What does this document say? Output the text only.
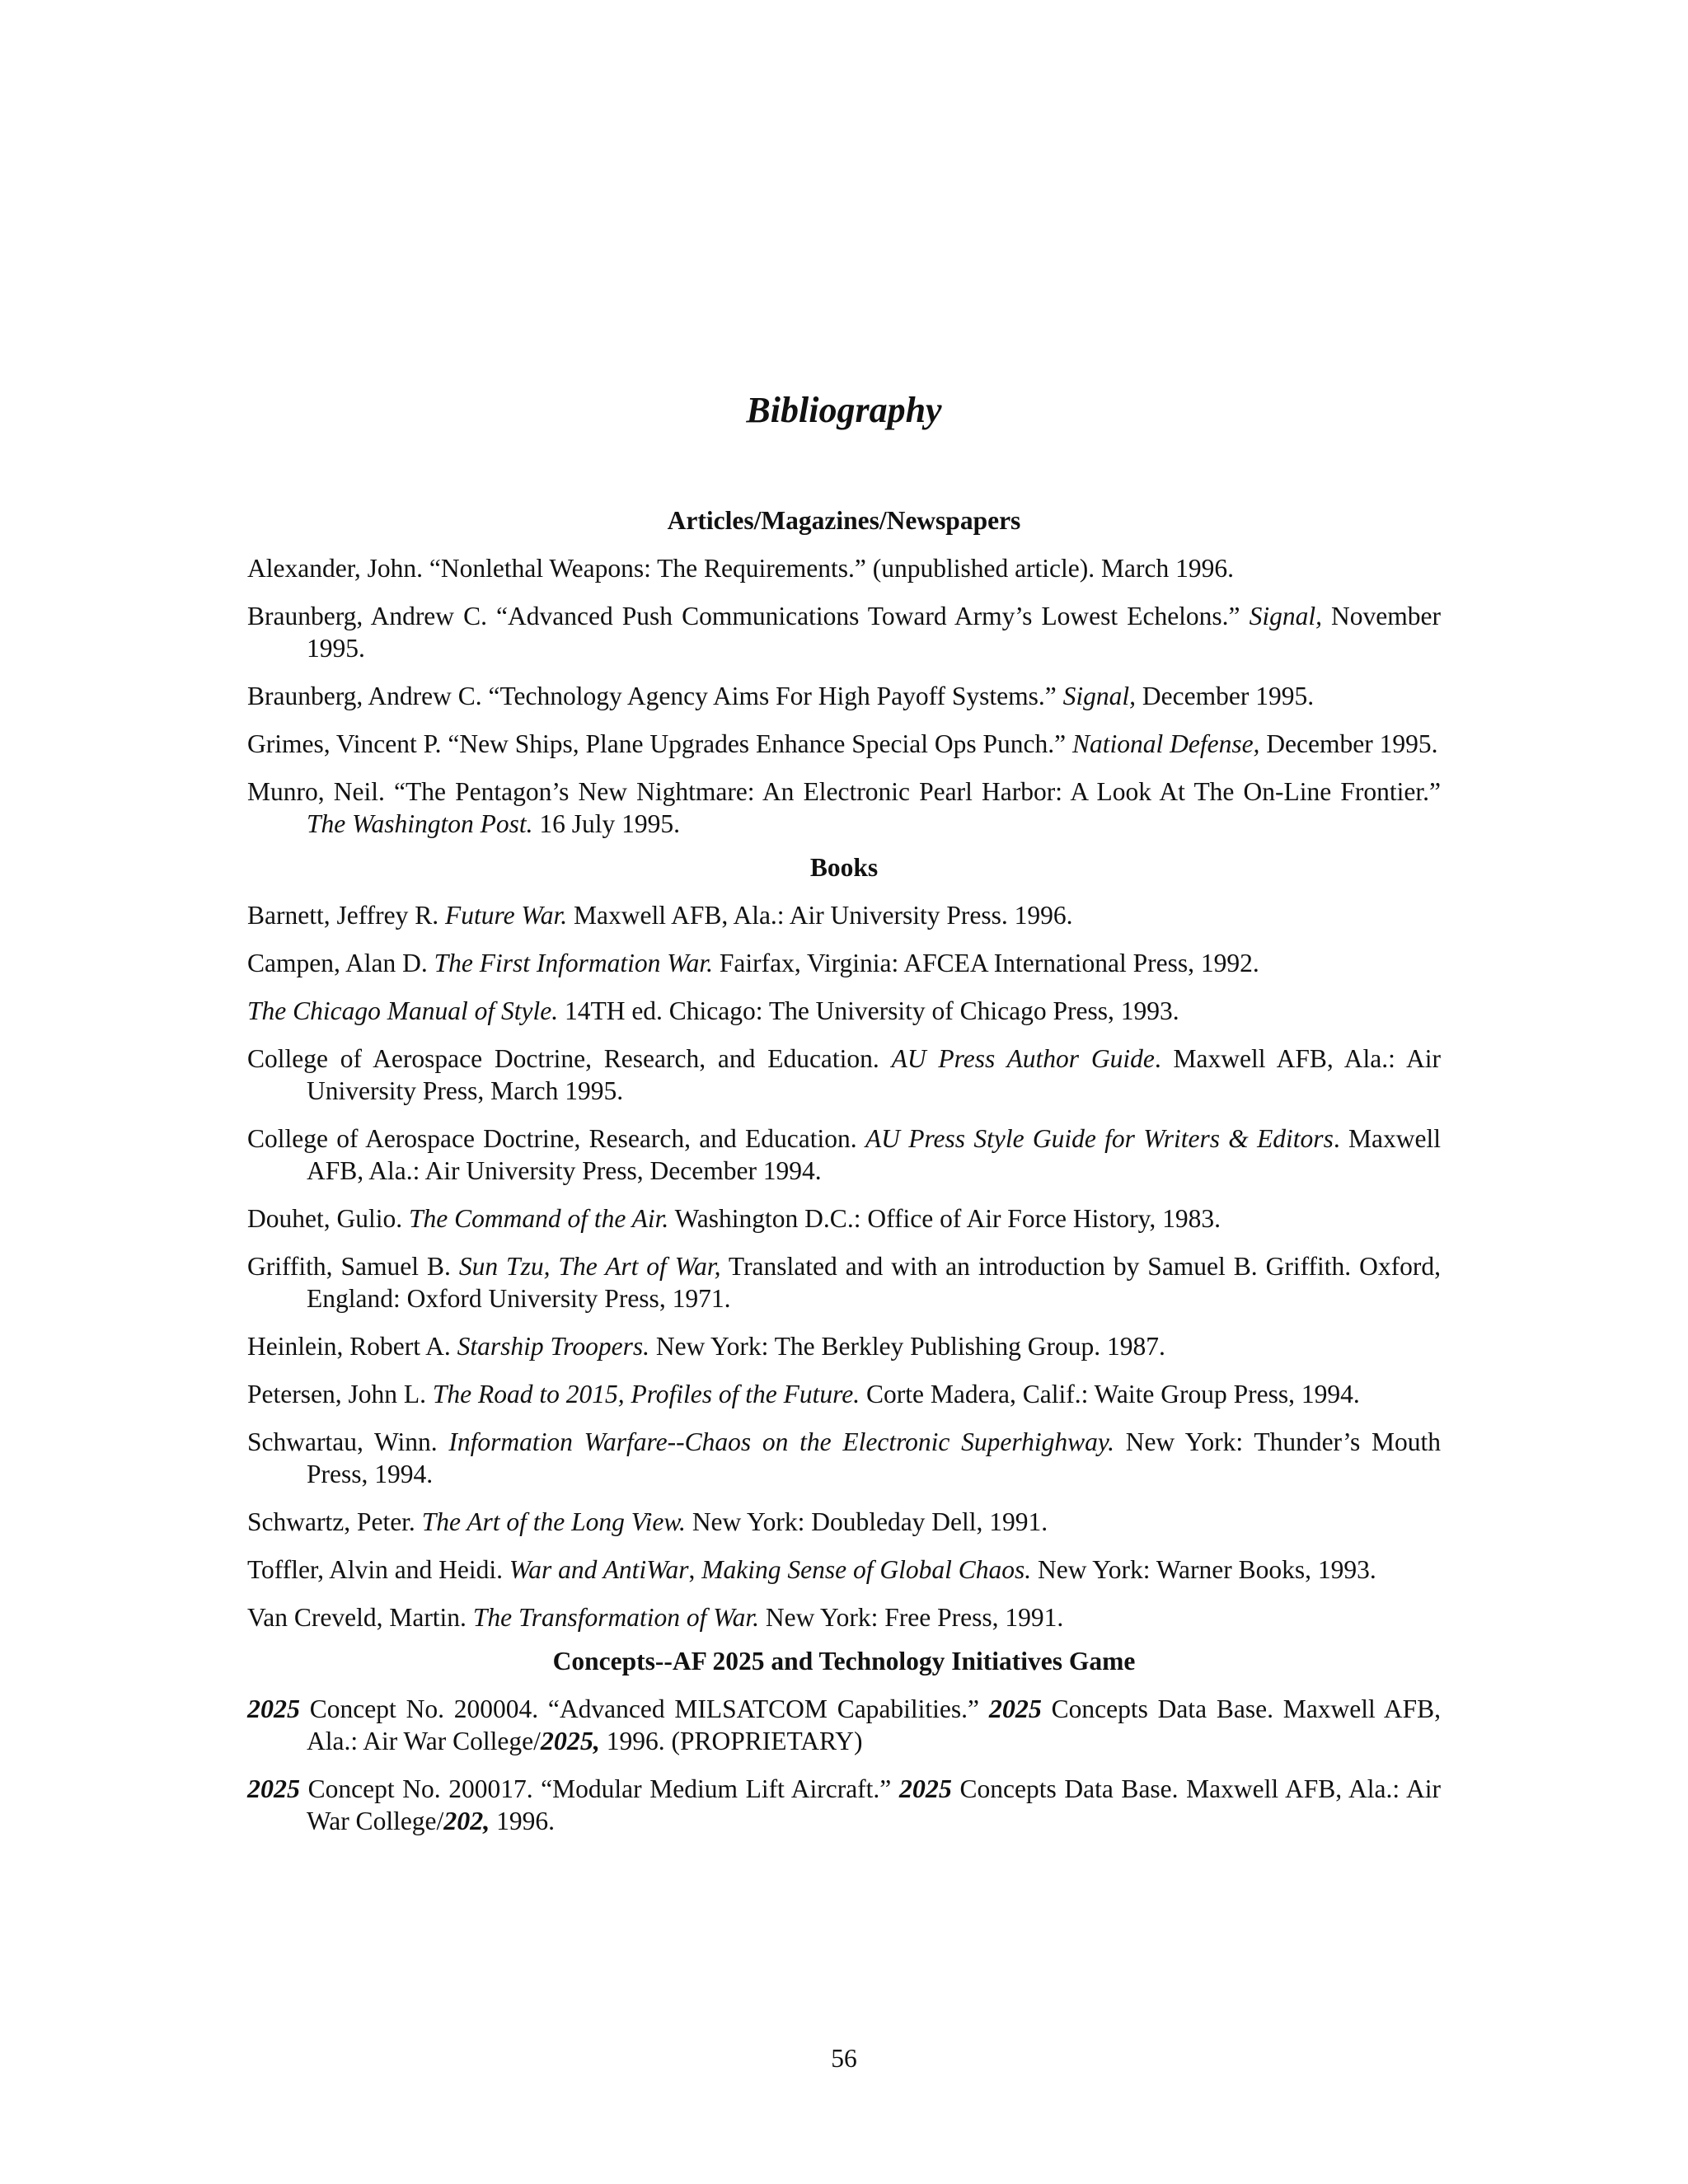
Bibliography
Articles/Magazines/Newspapers

Alexander, John. “Nonlethal Weapons: The Requirements.” (unpublished article). March 1996.

Braunberg, Andrew C. “Advanced Push Communications Toward Army’s Lowest Echelons.” Signal, November 1995.

Braunberg, Andrew C. “Technology Agency Aims For High Payoff Systems.” Signal, December 1995.

Grimes, Vincent P. “New Ships, Plane Upgrades Enhance Special Ops Punch.” National Defense, December 1995.

Munro, Neil. “The Pentagon’s New Nightmare: An Electronic Pearl Harbor: A Look At The On-Line Frontier.” The Washington Post. 16 July 1995.

Books

Barnett, Jeffrey R. Future War. Maxwell AFB, Ala.: Air University Press. 1996.

Campen, Alan D. The First Information War. Fairfax, Virginia: AFCEA International Press, 1992.

The Chicago Manual of Style. 14TH ed. Chicago: The University of Chicago Press, 1993.

College of Aerospace Doctrine, Research, and Education. AU Press Author Guide. Maxwell AFB, Ala.: Air University Press, March 1995.

College of Aerospace Doctrine, Research, and Education. AU Press Style Guide for Writers & Editors. Maxwell AFB, Ala.: Air University Press, December 1994.

Douhet, Gulio. The Command of the Air. Washington D.C.: Office of Air Force History, 1983.

Griffith, Samuel B. Sun Tzu, The Art of War, Translated and with an introduction by Samuel B. Griffith. Oxford, England: Oxford University Press, 1971.

Heinlein, Robert A. Starship Troopers. New York: The Berkley Publishing Group. 1987.

Petersen, John L. The Road to 2015, Profiles of the Future. Corte Madera, Calif.: Waite Group Press, 1994.

Schwartau, Winn. Information Warfare--Chaos on the Electronic Superhighway. New York: Thunder’s Mouth Press, 1994.

Schwartz, Peter. The Art of the Long View. New York: Doubleday Dell, 1991.

Toffler, Alvin and Heidi. War and AntiWar, Making Sense of Global Chaos. New York: Warner Books, 1993.

Van Creveld, Martin. The Transformation of War. New York: Free Press, 1991.

Concepts--AF 2025 and Technology Initiatives Game

2025 Concept No. 200004. “Advanced MILSATCOM Capabilities.” 2025 Concepts Data Base. Maxwell AFB, Ala.: Air War College/2025, 1996. (PROPRIETARY)

2025 Concept No. 200017. “Modular Medium Lift Aircraft.” 2025 Concepts Data Base. Maxwell AFB, Ala.: Air War College/202, 1996.

56
